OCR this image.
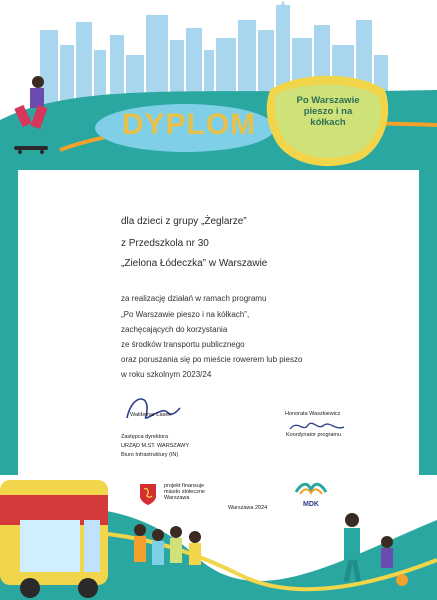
DYPLOM
Po Warszawie
pieszo i na
kółkach
dla dzieci z grupy „Żeglarze”
z Przedszkola nr 30
„Zielona Łódeczka” w Warszawie
za realizację działań w ramach programu
„Po Warszawie pieszo i na kółkach”,
zachęcających do korzystania
ze środków transportu publicznego
oraz poruszania się po mieście rowerem lub pieszo
w roku szkolnym 2023/24
Waldemar Lasek
Zastępca dyrektora
URZĄD M.ST. WARSZAWY
Biuro Infrastruktury (IN)
Honorata Waszkiewicz
Koordynator programu
projekt finansuje
miasto stołeczne
Warszawa
Warszawa 2024	MDK
